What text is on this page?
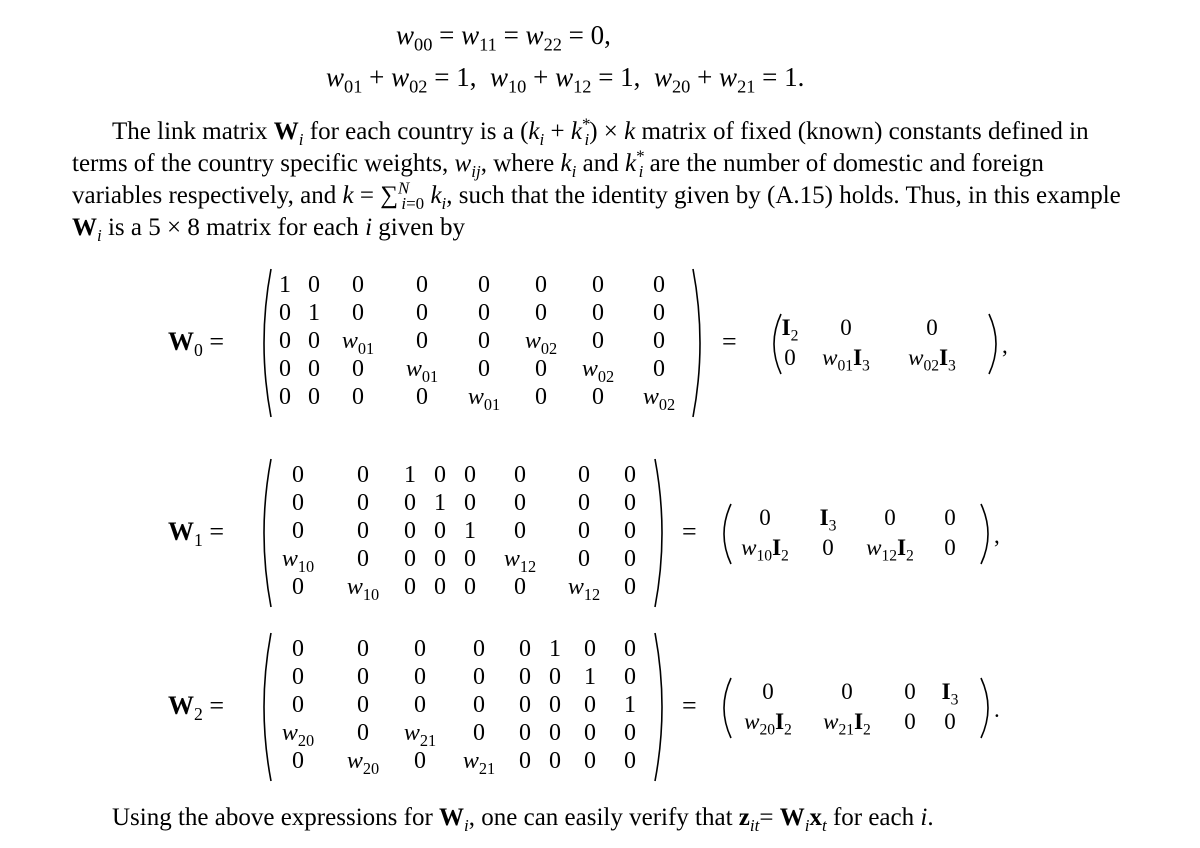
$w_{00} = w_{11} = w_{22} = 0$,
$w_{01} + w_{02} = 1$,  $w_{10} + w_{12} = 1$,  $w_{20} + w_{21} = 1$.

The link matrix $W_i$ for each country is a $(k_i + k^*_i) \times k$ matrix of fixed (known) constants defined in terms of the country specific weights, $w_{ij}$, where $k_i$ and $k^*_i$ are the number of domestic and foreign variables respectively, and k = ∑$^N_{i=0}$ $k_i$, such that the identity given by (A.15) holds. Thus, in this example $W_i$ is a 5 × 8 matrix for each i given by

Using the above expressions for $W_i$, one can easily verify that $z_{it}= W_ix_t$ for each i.
$W_0$ =
1 0	0	0	0	0	0	0
0 1	0	0	0	0	0	0
0 0 $w_{01}$	0	0	$w_{02}$	0	0
0 0	0	$w_{01}$	0	0	$w_{02}$	0
0 0	0	0	$w_{01}$	0	0	$w_{02}$
=	$I_2$	0	0
0	$w_{01}I_3$	$w_{02}I_3$
,
$W_1$ =
0	0	1 0 0	0	0	0
0	0	0 1 0	0	0	0
0	0	0 0 1	0	0	0
$w_{10}$	0	0 0 0	$w_{12}$	0	0
0	$w_{10}$	0 0 0	0	$w_{12}$ 0
=	0	$I_3$	0	0
$w_{10}I_2$	0	$w_{12}I_2$	0	,
$W_2$ =
0	0	0	0	0 1 0	0
0	0	0	0	0 0 1	0
0	0	0	0	0 0 0	1
$w_{20}$	0	$w_{21}$	0	0 0 0	0
0	$w_{20}$	0	$w_{21}$ 0 0 0	0
=	0	0	0	$I_3$
$w_{20}I_2$	$w_{21}I_2$	0	0	.
